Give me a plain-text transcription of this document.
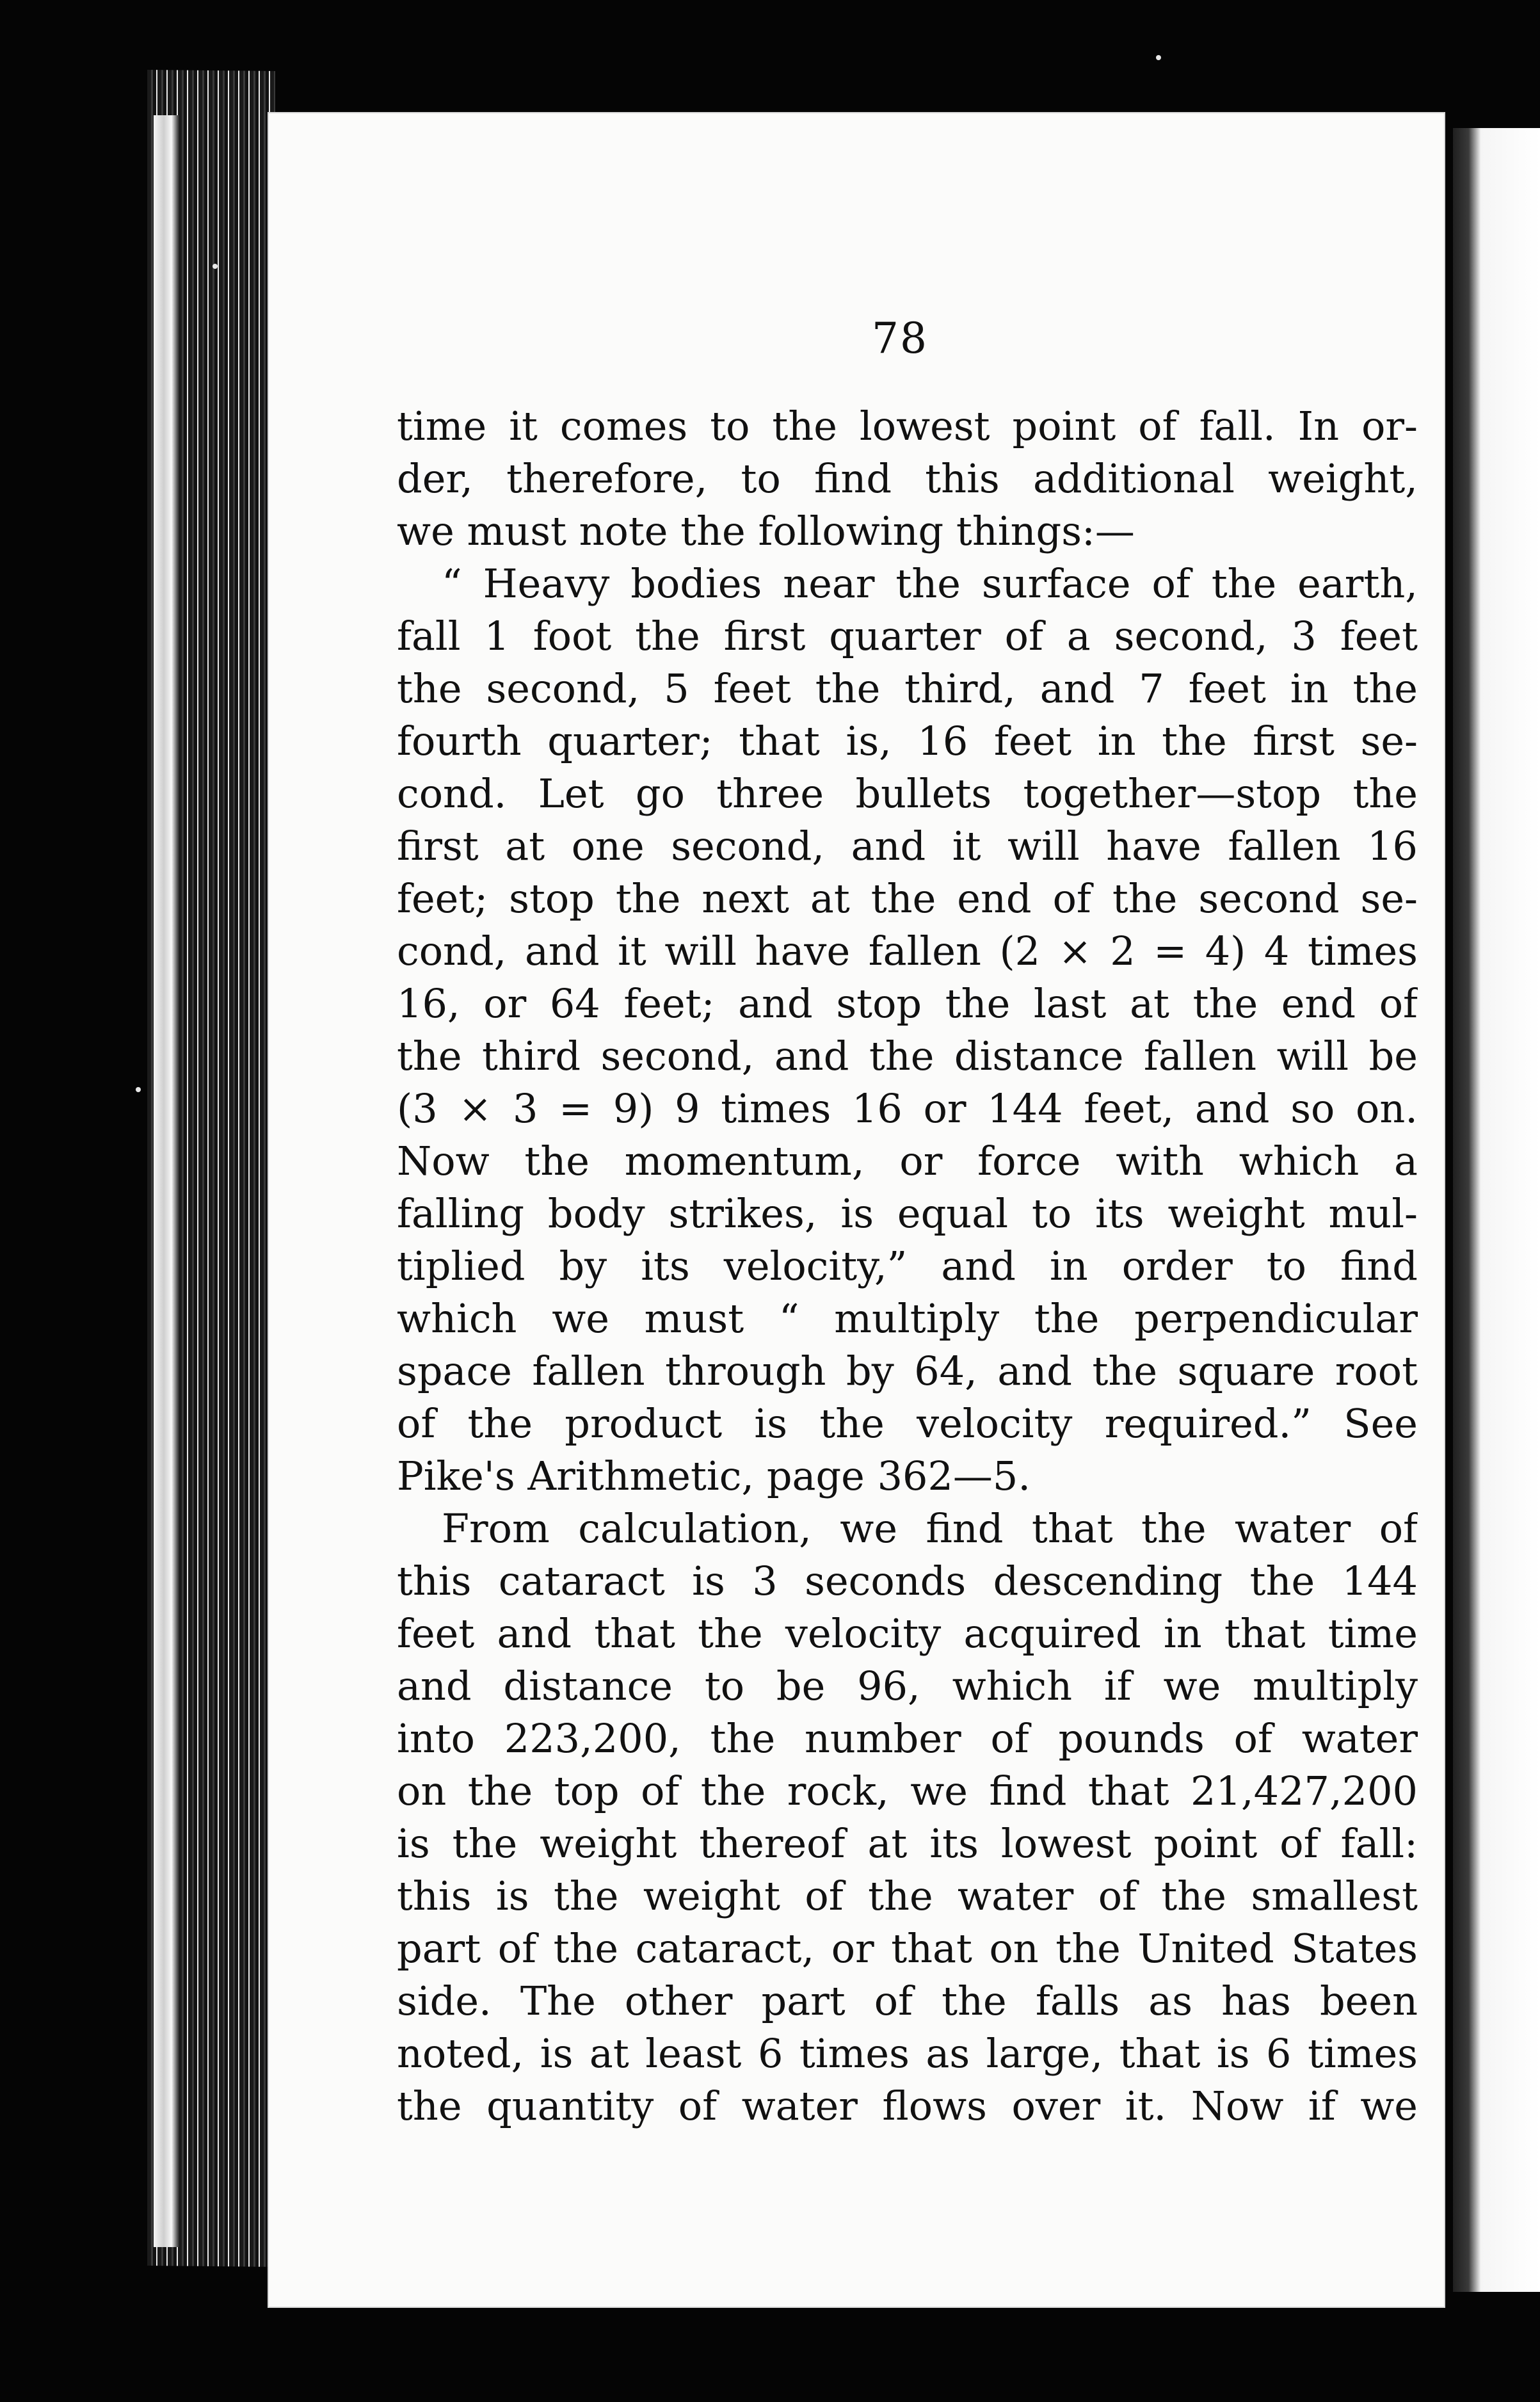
78
time it comes to the lowest point of fall. In or-
der, therefore, to find this additional weight,
we must note the following things:—
“ Heavy bodies near the surface of the earth,
fall 1 foot the first quarter of a second, 3 feet
the second, 5 feet the third, and 7 feet in the
fourth quarter; that is, 16 feet in the first se-
cond. Let go three bullets together—stop the
first at one second, and it will have fallen 16
feet; stop the next at the end of the second se-
cond, and it will have fallen (2 × 2 = 4) 4 times
16, or 64 feet; and stop the last at the end of
the third second, and the distance fallen will be
(3 × 3 = 9) 9 times 16 or 144 feet, and so on.
Now the momentum, or force with which a
falling body strikes, is equal to its weight mul-
tiplied by its velocity,” and in order to find
which we must “ multiply the perpendicular
space fallen through by 64, and the square root
of the product is the velocity required.” See
Pike's Arithmetic, page 362—5.
From calculation, we find that the water of
this cataract is 3 seconds descending the 144
feet and that the velocity acquired in that time
and distance to be 96, which if we multiply
into 223,200, the number of pounds of water
on the top of the rock, we find that 21,427,200
is the weight thereof at its lowest point of fall:
this is the weight of the water of the smallest
part of the cataract, or that on the United States
side. The other part of the falls as has been
noted, is at least 6 times as large, that is 6 times
the quantity of water flows over it. Now if we
